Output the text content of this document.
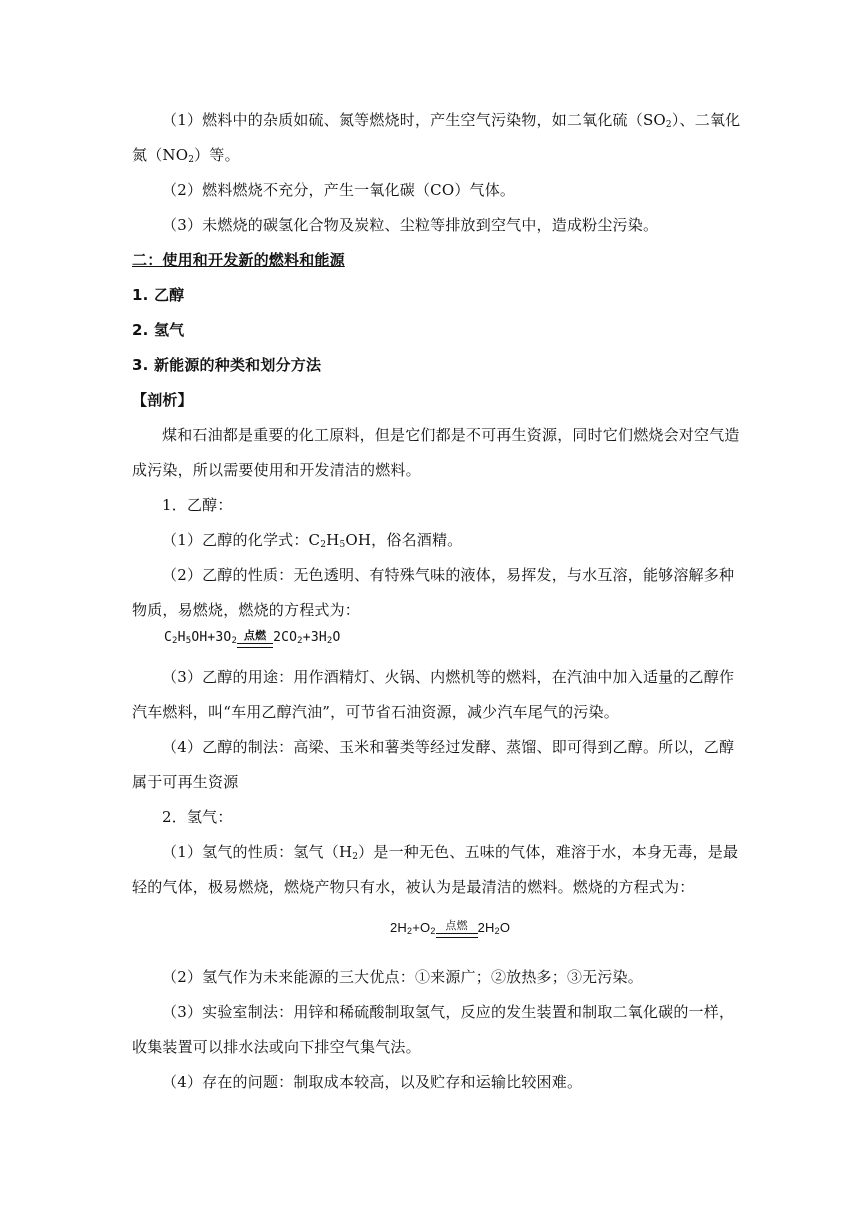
（1）燃料中的杂质如硫、氮等燃烧时，产生空气污染物，如二氧化硫$(SO_2)$、二氧化
氮$(NO_2)$等。
（2）燃料燃烧不充分，产生一氧化碳（CO）气体。
（3）未燃烧的碳氢化合物及炭粒、尘粒等排放到空气中，造成粉尘污染。
二：使用和开发新的燃料和能源
1. 乙醇
2. 氢气
3. 新能源的种类和划分方法
【剖析】
煤和石油都是重要的化工原料，但是它们都是不可再生资源，同时它们燃烧会对空气造
成污染，所以需要使用和开发清洁的燃料。
1．乙醇：
（1）乙醇的化学式：$C_2H_5OH$，俗名酒精。
（2）乙醇的性质：无色透明、有特殊气味的液体，易挥发，与水互溶，能够溶解多种
物质，易燃烧，燃烧的方程式为：
$C_2H_5OH+3O_2$ 点燃 $2CO_2+3H_2O$
（3）乙醇的用途：用作酒精灯、火锅、内燃机等的燃料，在汽油中加入适量的乙醇作
汽车燃料，叫“车用乙醇汽油”，可节省石油资源，减少汽车尾气的污染。
（4）乙醇的制法：高梁、玉米和薯类等经过发酵、蒸馏、即可得到乙醇。所以，乙醇
属于可再生资源
2．氢气：
（1）氢气的性质：氢气$(H_2)$是一种无色、五味的气体，难溶于水，本身无毒，是最
轻的气体，极易燃烧，燃烧产物只有水，被认为是最清洁的燃料。燃烧的方程式为：
$2H_2+O_2$ 点燃 $2H_2O$
（2）氢气作为未来能源的三大优点：①来源广；②放热多；③无污染。
（3）实验室制法：用锌和稀硫酸制取氢气，反应的发生装置和制取二氧化碳的一样，
收集装置可以排水法或向下排空气集气法。
（4）存在的问题：制取成本较高，以及贮存和运输比较困难。
